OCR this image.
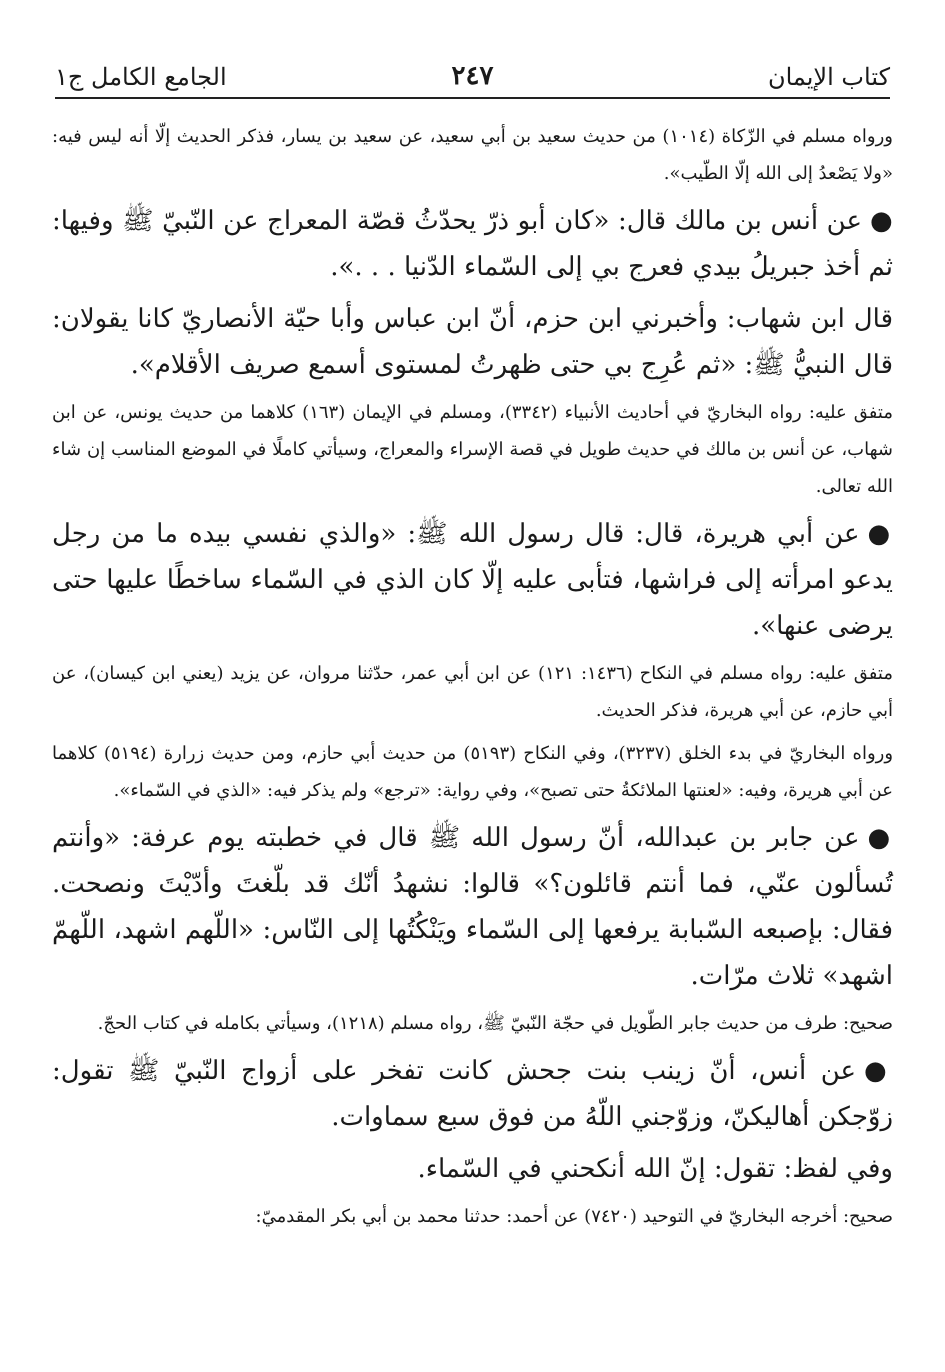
كتاب الإيمان
٢٤٧
الجامع الكامل ج١

ورواه مسلم في الزّكاة (١٠١٤) من حديث سعيد بن أبي سعيد، عن سعيد بن يسار، فذكر الحديث إلّا أنه ليس فيه: «ولا يَصْعدُ إلى الله إلّا الطّيب».

●عن أنس بن مالك قال: «كان أبو ذرّ يحدّثُ قصّة المعراج عن النّبيّ ﷺ وفيها: ثم أخذ جبريلُ بيدي فعرج بي إلى السّماء الدّنيا . . .».

قال ابن شهاب: وأخبرني ابن حزم، أنّ ابن عباس وأبا حيّة الأنصاريّ كانا يقولان: قال النبيُّ ﷺ: «ثم عُرِج بي حتى ظهرتُ لمستوى أسمع صريف الأقلام».

متفق عليه: رواه البخاريّ في أحاديث الأنبياء (٣٣٤٢)، ومسلم في الإيمان (١٦٣) كلاهما من حديث يونس، عن ابن شهاب، عن أنس بن مالك في حديث طويل في قصة الإسراء والمعراج، وسيأتي كاملًا في الموضع المناسب إن شاء الله تعالى.

●عن أبي هريرة، قال: قال رسول الله ﷺ: «والذي نفسي بيده ما من رجل يدعو امرأته إلى فراشها، فتأبى عليه إلّا كان الذي في السّماء ساخطًا عليها حتى يرضى عنها».

متفق عليه: رواه مسلم في النكاح (١٤٣٦: ١٢١) عن ابن أبي عمر، حدّثنا مروان، عن يزيد (يعني ابن كيسان)، عن أبي حازم، عن أبي هريرة، فذكر الحديث.

ورواه البخاريّ في بدء الخلق (٣٢٣٧)، وفي النكاح (٥١٩٣) من حديث أبي حازم، ومن حديث زرارة (٥١٩٤) كلاهما عن أبي هريرة، وفيه: «لعنتها الملائكةُ حتى تصبح»، وفي رواية: «ترجع» ولم يذكر فيه: «الذي في السّماء».

●عن جابر بن عبدالله، أنّ رسول الله ﷺ قال في خطبته يوم عرفة: «وأنتم تُسألون عنّي، فما أنتم قائلون؟» قالوا: نشهدُ أنّك قد بلّغتَ وأدّيْتَ ونصحت. فقال: بإصبعه السّبابة يرفعها إلى السّماء ويَنْكُتُها إلى النّاس: «اللّهم اشهد، اللّهمّ اشهد» ثلاث مرّات.

صحيح: طرف من حديث جابر الطّويل في حجّة النّبيّ ﷺ، رواه مسلم (١٢١٨)، وسيأتي بكامله في كتاب الحجّ.

●عن أنس، أنّ زينب بنت جحش كانت تفخر على أزواج النّبيّ ﷺ تقول: زوّجكن أهاليكنّ، وزوّجني اللّهُ من فوق سبع سماوات.

وفي لفظ: تقول: إنّ الله أنكحني في السّماء.

صحيح: أخرجه البخاريّ في التوحيد (٧٤٢٠) عن أحمد: حدثنا محمد بن أبي بكر المقدميّ:
